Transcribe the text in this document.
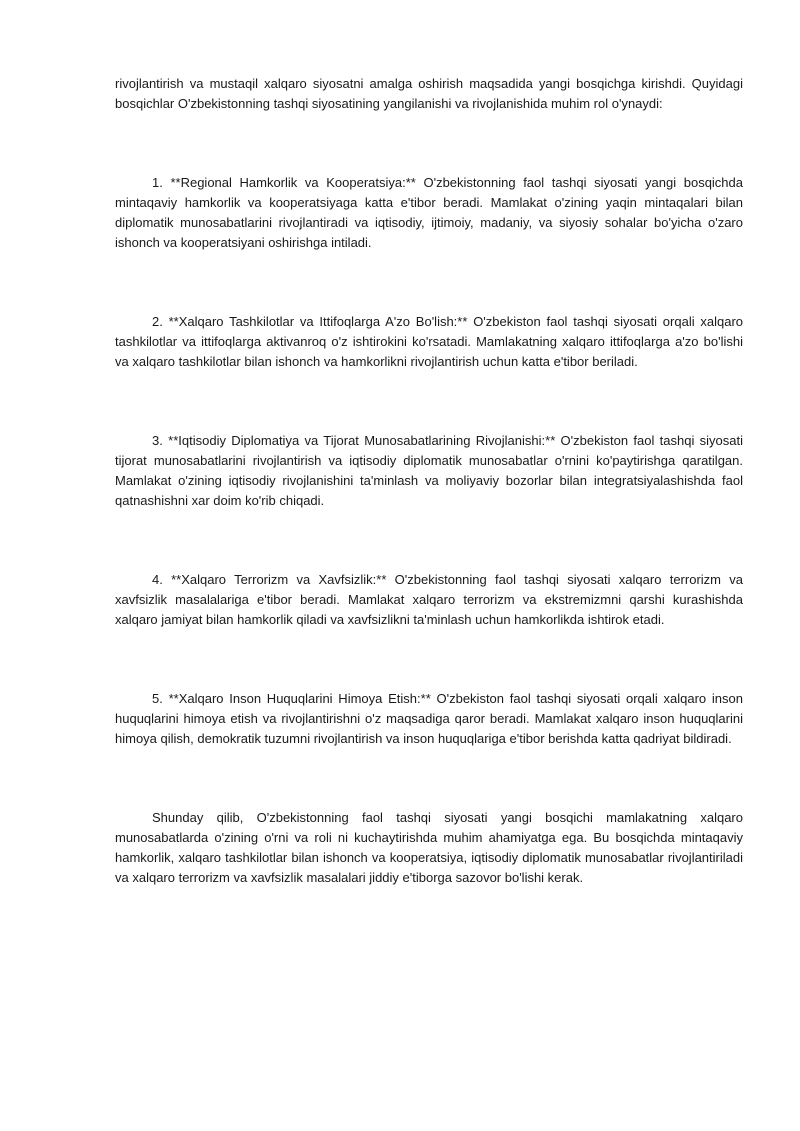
rivojlantirish va mustaqil xalqaro siyosatni amalga oshirish maqsadida yangi bosqichga kirishdi. Quyidagi bosqichlar O'zbekistonning tashqi siyosatining yangilanishi va rivojlanishida muhim rol o'ynaydi:

1. **Regional Hamkorlik va Kooperatsiya:** O'zbekistonning faol tashqi siyosati yangi bosqichda mintaqaviy hamkorlik va kooperatsiyaga katta e'tibor beradi. Mamlakat o'zining yaqin mintaqalari bilan diplomatik munosabatlarini rivojlantiradi va iqtisodiy, ijtimoiy, madaniy, va siyosiy sohalar bo'yicha o'zaro ishonch va kooperatsiyani oshirishga intiladi.

2. **Xalqaro Tashkilotlar va Ittifoqlarga A'zo Bo'lish:** O'zbekiston faol tashqi siyosati orqali xalqaro tashkilotlar va ittifoqlarga aktivanroq o'z ishtirokini ko'rsatadi. Mamlakatning xalqaro ittifoqlarga a'zo bo'lishi va xalqaro tashkilotlar bilan ishonch va hamkorlikni rivojlantirish uchun katta e'tibor beriladi.

3. **Iqtisodiy Diplomatiya va Tijorat Munosabatlarining Rivojlanishi:** O'zbekiston faol tashqi siyosati tijorat munosabatlarini rivojlantirish va iqtisodiy diplomatik munosabatlar o'rnini ko'paytirishga qaratilgan. Mamlakat o'zining iqtisodiy rivojlanishini ta'minlash va moliyaviy bozorlar bilan integratsiyalashishda faol qatnashishni xar doim ko'rib chiqadi.

4. **Xalqaro Terrorizm va Xavfsizlik:** O'zbekistonning faol tashqi siyosati xalqaro terrorizm va xavfsizlik masalalariga e'tibor beradi. Mamlakat xalqaro terrorizm va ekstremizmni qarshi kurashishda xalqaro jamiyat bilan hamkorlik qiladi va xavfsizlikni ta'minlash uchun hamkorlikda ishtirok etadi.

5. **Xalqaro Inson Huquqlarini Himoya Etish:** O'zbekiston faol tashqi siyosati orqali xalqaro inson huquqlarini himoya etish va rivojlantirishni o'z maqsadiga qaror beradi. Mamlakat xalqaro inson huquqlarini himoya qilish, demokratik tuzumni rivojlantirish va inson huquqlariga e'tibor berishda katta qadriyat bildiradi.

Shunday qilib, O'zbekistonning faol tashqi siyosati yangi bosqichi mamlakatning xalqaro munosabatlarda o'zining o'rni va roli ni kuchaytirishda muhim ahamiyatga ega. Bu bosqichda mintaqaviy hamkorlik, xalqaro tashkilotlar bilan ishonch va kooperatsiya, iqtisodiy diplomatik munosabatlar rivojlantiriladi va xalqaro terrorizm va xavfsizlik masalalari jiddiy e'tiborga sazovor bo'lishi kerak.
